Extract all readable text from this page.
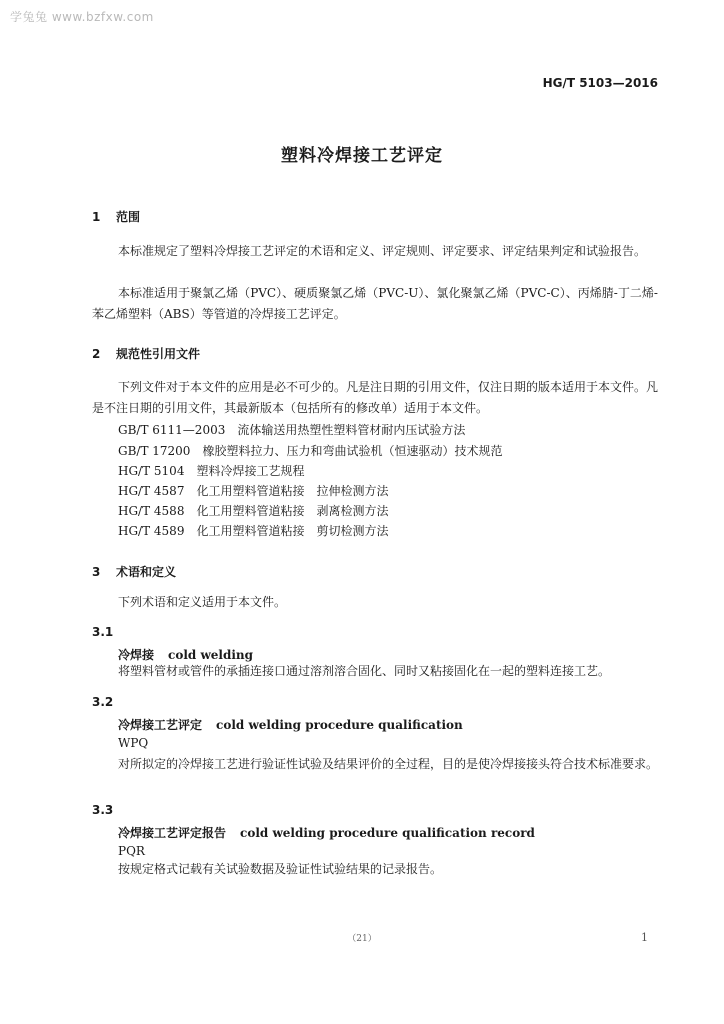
学兔兔 www.bzfxw.com
HG/T 5103—2016
塑料冷焊接工艺评定
1 范围
本标准规定了塑料冷焊接工艺评定的术语和定义、评定规则、评定要求、评定结果判定和试验报告。
本标准适用于聚氯乙烯（PVC）、硬质聚氯乙烯（PVC-U）、氯化聚氯乙烯（PVC-C）、丙烯腈-丁二烯-苯乙烯塑料（ABS）等管道的冷焊接工艺评定。
2 规范性引用文件
下列文件对于本文件的应用是必不可少的。凡是注日期的引用文件，仅注日期的版本适用于本文件。凡是不注日期的引用文件，其最新版本（包括所有的修改单）适用于本文件。
GB/T 6111—2003　流体输送用热塑性塑料管材耐内压试验方法
GB/T 17200　橡胶塑料拉力、压力和弯曲试验机（恒速驱动）技术规范
HG/T 5104　塑料冷焊接工艺规程
HG/T 4587　化工用塑料管道粘接　拉伸检测方法
HG/T 4588　化工用塑料管道粘接　剥离检测方法
HG/T 4589　化工用塑料管道粘接　剪切检测方法
3 术语和定义
下列术语和定义适用于本文件。
3.1
冷焊接 cold welding
将塑料管材或管件的承插连接口通过溶剂溶合固化、同时又粘接固化在一起的塑料连接工艺。
3.2
冷焊接工艺评定 cold welding procedure qualification
WPQ
对所拟定的冷焊接工艺进行验证性试验及结果评价的全过程，目的是使冷焊接接头符合技术标准要求。
3.3
冷焊接工艺评定报告 cold welding procedure qualification record
PQR
按规定格式记载有关试验数据及验证性试验结果的记录报告。
（21）	1
